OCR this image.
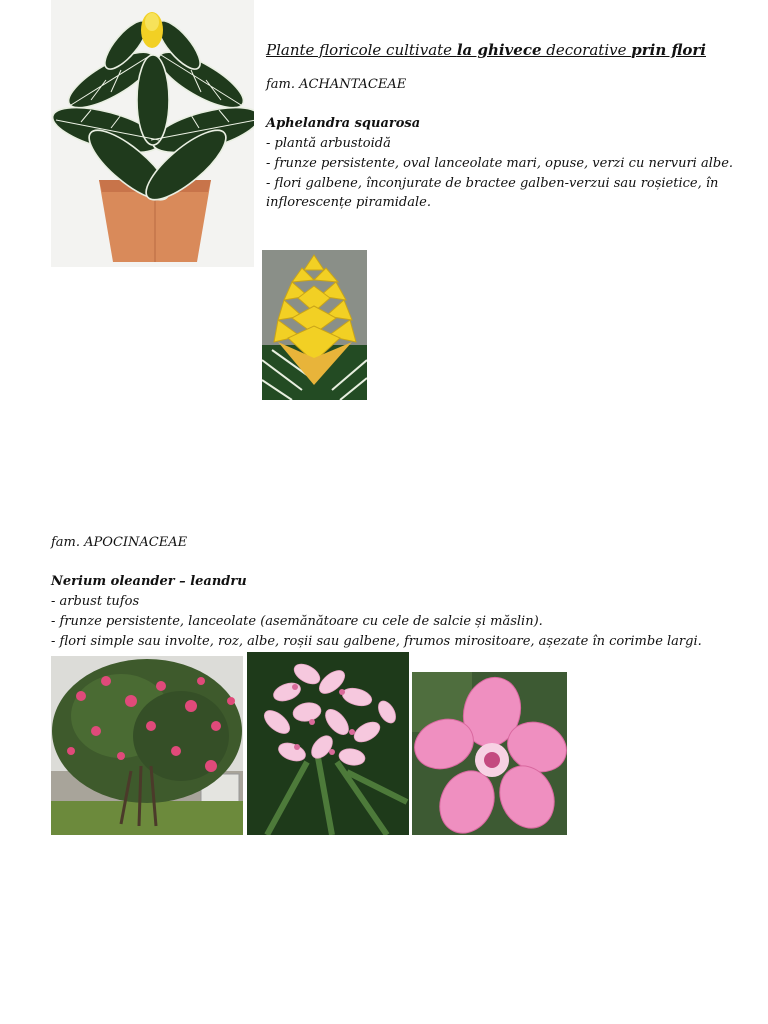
Plante floricole cultivate la ghivece decorative prin flori
fam. ACHANTACEAE
Aphelandra squarosa
- plantă arbustoidă
- frunze persistente, oval lanceolate mari, opuse, verzi cu nervuri albe.
- flori galbene, înconjurate de bractee galben-verzui sau roșietice, în
inflorescențe piramidale.
fam. APOCINACEAE
Nerium oleander – leandru
- arbust tufos
- frunze persistente, lanceolate (asemănătoare cu cele de salcie și măslin).
- flori simple sau involte, roz, albe, roșii sau galbene, frumos mirositoare, așezate în corimbe largi.
